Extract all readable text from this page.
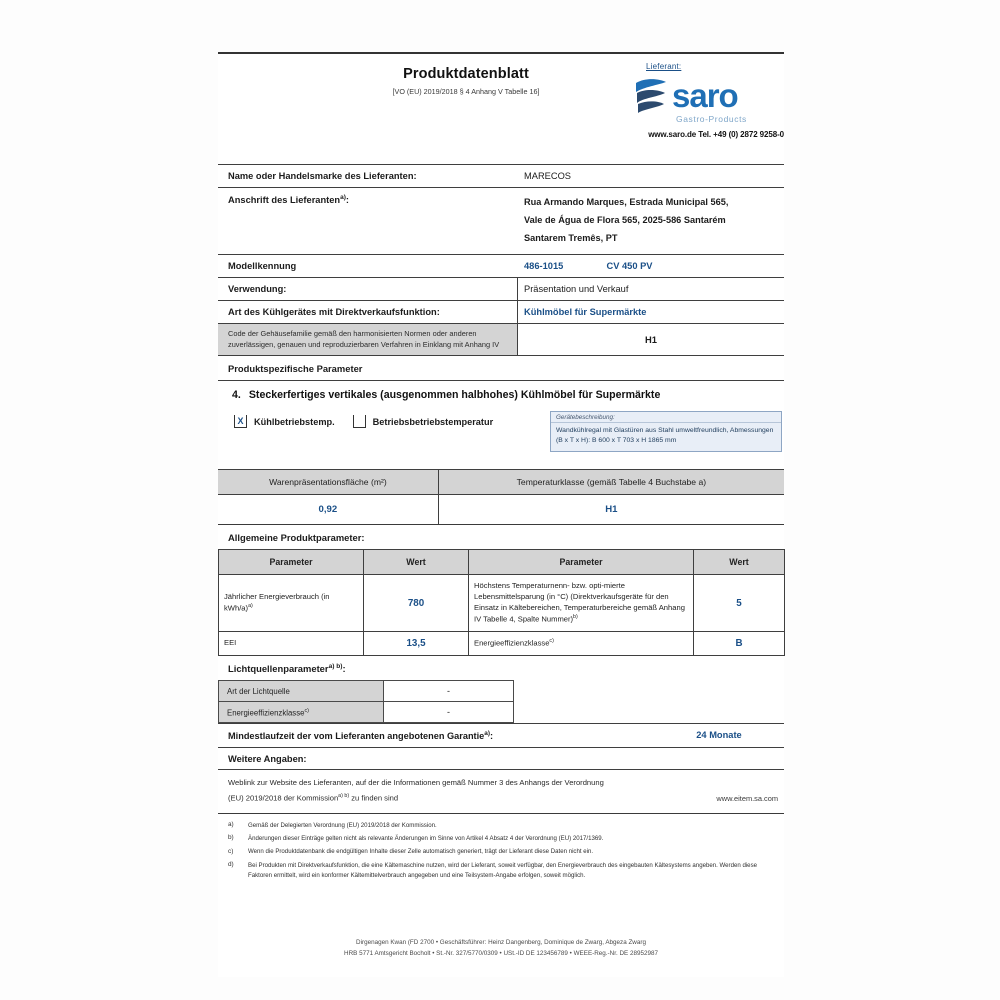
Produktdatenblatt
[VO (EU) 2019/2018 § 4 Anhang V Tabelle 16]
Lieferant:
saro
Gastro-Products
www.saro.de Tel. +49 (0) 2872 9258-0
Name oder Handelsmarke des Lieferanten:	MARECOS
Anschrift des Lieferanten$^{a)}$:	Rua Armando Marques, Estrada Municipal 565,
Vale de Água de Flora 565, 2025-586 Santarém
Santarem Tremês, PT
Modellkennung	486-1015	CV 450 PV
Verwendung:	Präsentation und Verkauf
Art des Kühlgerätes mit Direktverkaufsfunktion:	Kühlmöbel für Supermärkte
Code der Gehäusefamilie gemäß den harmonisierten Normen oder anderen zuverlässigen, genauen und reproduzierbaren Verfahren in Einklang mit Anhang IV	H1
Produktspezifische Parameter
4. Steckerfertiges vertikales (ausgenommen halbhohes) Kühlmöbel für Supermärkte
X	Kühlbetriebstemp.	Betriebsbetriebstemperatur	Gerätebeschreibung:
Wandkühlregal mit Glastüren aus Stahl umweltfreundlich, Abmessungen (B x T x H): B 600 x T 703 x H 1865 mm
Warenpräsentationsfläche (m²)	Temperaturklasse (gemäß Tabelle 4 Buchstabe a)
0,92	H1
Allgemeine Produktparameter:
Parameter	Wert	Parameter	Wert
Jährlicher Energieverbrauch (in kWh/a)$^{a)}$	780	Höchstens Temperaturnenn- bzw. opti-mierte Lebensmittelsparung (in °C) (Direktverkaufsgeräte für den Einsatz in Kältebereichen, Temperaturbereiche gemäß Anhang IV Tabelle 4, Spalte Nummer)$^{b)}$	5
EEI	13,5	Energieeffizienzklasse$^{c)}$	B
Lichtquellenparameter$^{a) b)}$:
Art der Lichtquelle	-	
Energieeffizienzklasse$^{c)}$	-	
Mindestlaufzeit der vom Lieferanten angebotenen Garantie$^{a)}$:	24 Monate
Weitere Angaben:
Weblink zur Website des Lieferanten, auf der die Informationen gemäß Nummer 3 des Anhangs der Verordnung
(EU) 2019/2018 der Kommission$^{a) b)}$ zu finden sind	www.eitem.sa.com
a)	Gemäß der Delegierten Verordnung (EU) 2019/2018 der Kommission.
b)	Änderungen dieser Einträge gelten nicht als relevante Änderungen im Sinne von Artikel 4 Absatz 4 der Verordnung (EU) 2017/1369.
c)	Wenn die Produktdatenbank die endgültigen Inhalte dieser Zelle automatisch generiert, trägt der Lieferant diese Daten nicht ein.
d)	Bei Produkten mit Direktverkaufsfunktion, die eine Kältemaschine nutzen, wird der Lieferant, soweit verfügbar, den Energieverbrauch des eingebauten Kältesystems angeben. Werden diese Faktoren ermittelt, wird ein konformer Kältemittelverbrauch angegeben und eine Teilsystem-Angabe erfolgen, soweit möglich.
Dirgenagen Kwan (FD 2700 • Geschäftsführer: Heinz Dangenberg, Dominique de Zwarg, Abgeza Zwarg
HRB 5771 Amtsgericht Bocholt • St.-Nr. 327/5770/0309 • USt.-ID DE 123456789 • WEEE-Reg.-Nr. DE 28952987
